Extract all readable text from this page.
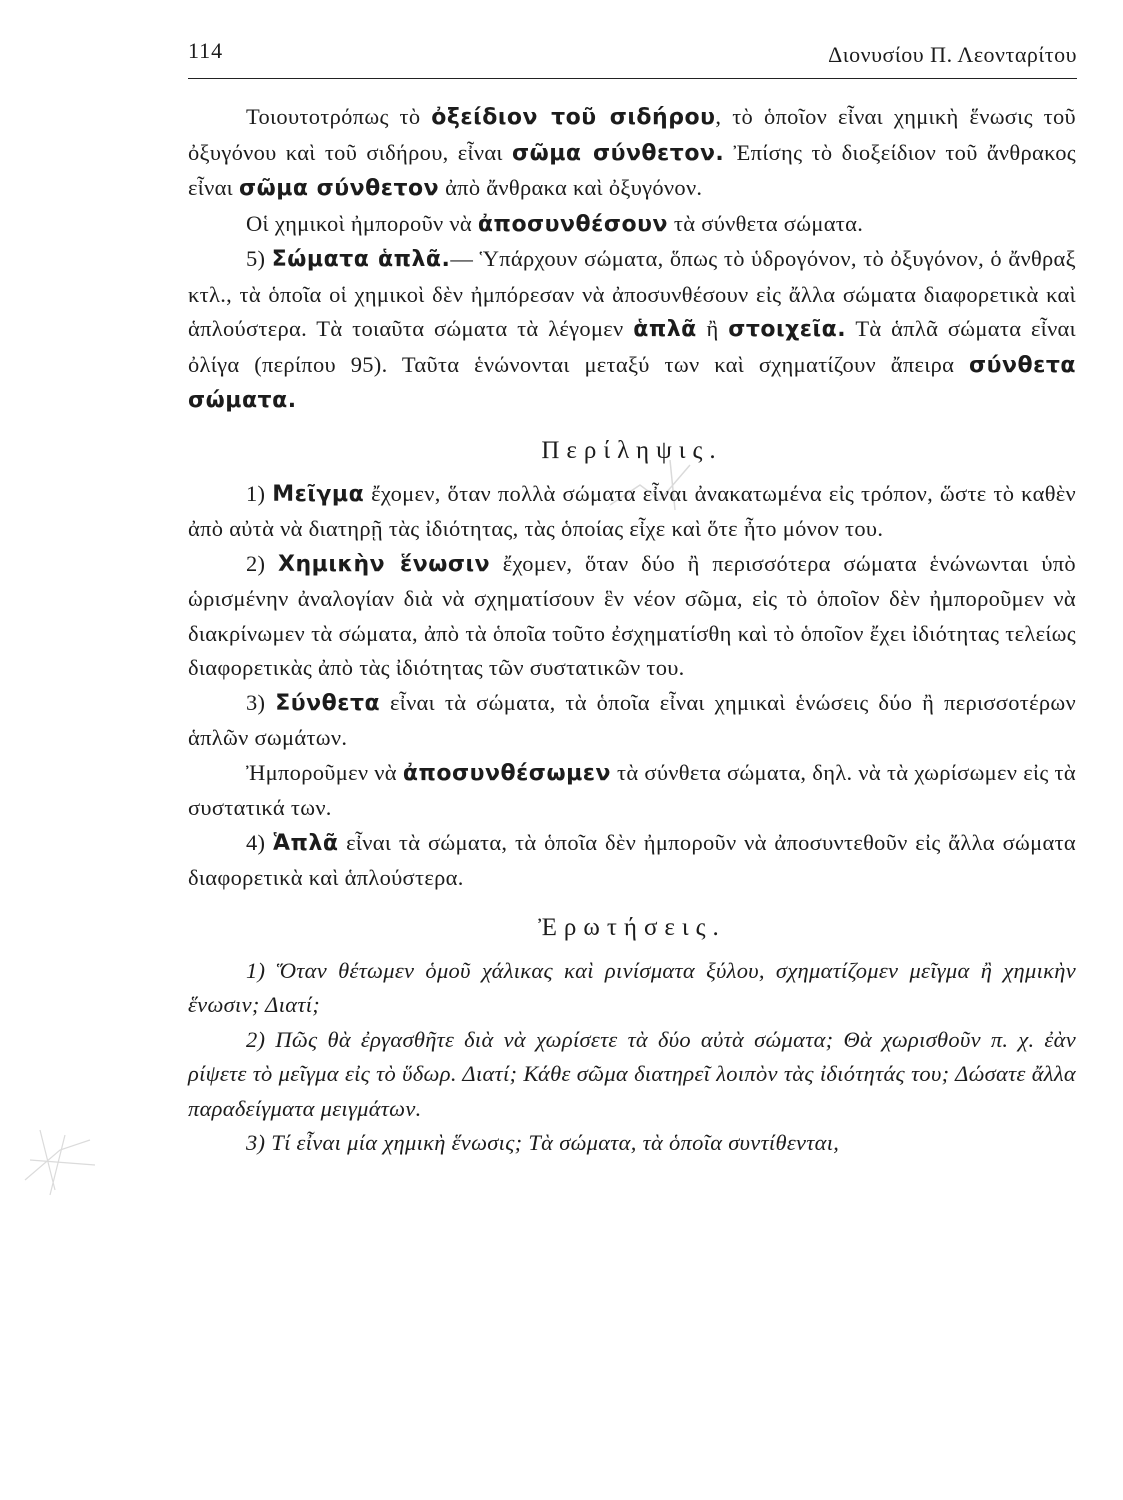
114	Διονυσίου Π. Λεονταρίτου

Τοιουτοτρόπως τὸ ὀξείδιον τοῦ σιδήρου, τὸ ὁποῖον εἶναι χημικὴ ἕνωσις τοῦ ὀξυγόνου καὶ τοῦ σιδήρου, εἶναι σῶμα σύνθετον. Ἐπίσης τὸ διοξείδιον τοῦ ἄνθρακος εἶναι σῶμα σύνθετον ἀπὸ ἄνθρακα καὶ ὀξυγόνον.

Οἱ χημικοὶ ἠμποροῦν νὰ ἀποσυνθέσουν τὰ σύνθετα σώματα.

5) Σώματα ἁπλᾶ.— Ὑπάρχουν σώματα, ὅπως τὸ ὑδρογόνον, τὸ ὀξυγόνον, ὁ ἄνθραξ κτλ., τὰ ὁποῖα οἱ χημικοὶ δὲν ἠμπόρεσαν νὰ ἀποσυνθέσουν εἰς ἄλλα σώματα διαφορετικὰ καὶ ἁπλούστερα. Τὰ τοιαῦτα σώματα τὰ λέγομεν ἁπλᾶ ἢ στοιχεῖα. Τὰ ἁπλᾶ σώματα εἶναι ὀλίγα (περίπου 95). Ταῦτα ἑνώνονται μεταξύ των καὶ σχηματίζουν ἄπειρα σύνθετα σώματα.

Περίληψις.

1) Μεῖγμα ἔχομεν, ὅταν πολλὰ σώματα εἶναι ἀνακατωμένα εἰς τρόπον, ὥστε τὸ καθὲν ἀπὸ αὐτὰ νὰ διατηρῇ τὰς ἰδιότητας, τὰς ὁποίας εἶχε καὶ ὅτε ἦτο μόνον του.

2) Χημικὴν ἕνωσιν ἔχομεν, ὅταν δύο ἢ περισσότερα σώματα ἑνώνωνται ὑπὸ ὡρισμένην ἀναλογίαν διὰ νὰ σχηματίσουν ἓν νέον σῶμα, εἰς τὸ ὁποῖον δὲν ἠμποροῦμεν νὰ διακρίνωμεν τὰ σώματα, ἀπὸ τὰ ὁποῖα τοῦτο ἐσχηματίσθη καὶ τὸ ὁποῖον ἔχει ἰδιότητας τελείως διαφορετικὰς ἀπὸ τὰς ἰδιότητας τῶν συστατικῶν του.

3) Σύνθετα εἶναι τὰ σώματα, τὰ ὁποῖα εἶναι χημικαὶ ἑνώσεις δύο ἢ περισσοτέρων ἁπλῶν σωμάτων.

Ἠμποροῦμεν νὰ ἀποσυνθέσωμεν τὰ σύνθετα σώματα, δηλ. νὰ τὰ χωρίσωμεν εἰς τὰ συστατικά των.

4) Ἁπλᾶ εἶναι τὰ σώματα, τὰ ὁποῖα δὲν ἠμποροῦν νὰ ἀποσυντεθοῦν εἰς ἄλλα σώματα διαφορετικὰ καὶ ἁπλούστερα.

Ἐρωτήσεις.

1) Ὅταν θέτωμεν ὁμοῦ χάλικας καὶ ρινίσματα ξύλου, σχηματίζομεν μεῖγμα ἢ χημικὴν ἕνωσιν; Διατί;

2) Πῶς θὰ ἐργασθῆτε διὰ νὰ χωρίσετε τὰ δύο αὐτὰ σώματα; Θὰ χωρισθοῦν π. χ. ἐὰν ρίψετε τὸ μεῖγμα εἰς τὸ ὕδωρ. Διατί; Κάθε σῶμα διατηρεῖ λοιπὸν τὰς ἰδιότητάς του; Δώσατε ἄλλα παραδείγματα μειγμάτων.

3) Τί εἶναι μία χημικὴ ἕνωσις; Τὰ σώματα, τὰ ὁποῖα συντίθενται,
